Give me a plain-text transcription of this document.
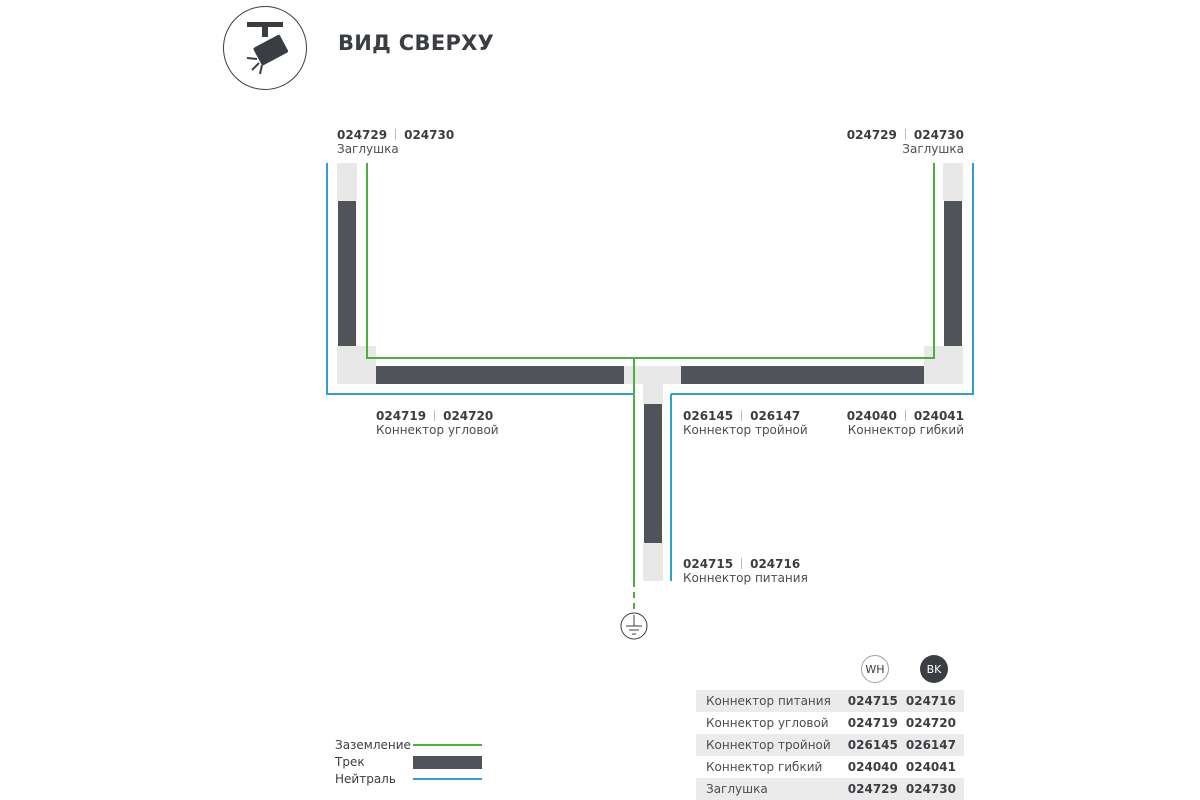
ВИД СВЕРХУ
024729 024730
Заглушка
024729 024730
Заглушка
024719 024720
Коннектор угловой
026145 026147
Коннектор тройной
024040 024041
Коннектор гибкий
024715 024716
Коннектор питания
WH	BK
Коннектор питания	024715	024716
Коннектор угловой	024719	024720
Коннектор тройной	026145	026147
Коннектор гибкий	024040	024041
Заглушка	024729	024730
Заземление
Трек
Нейтраль
